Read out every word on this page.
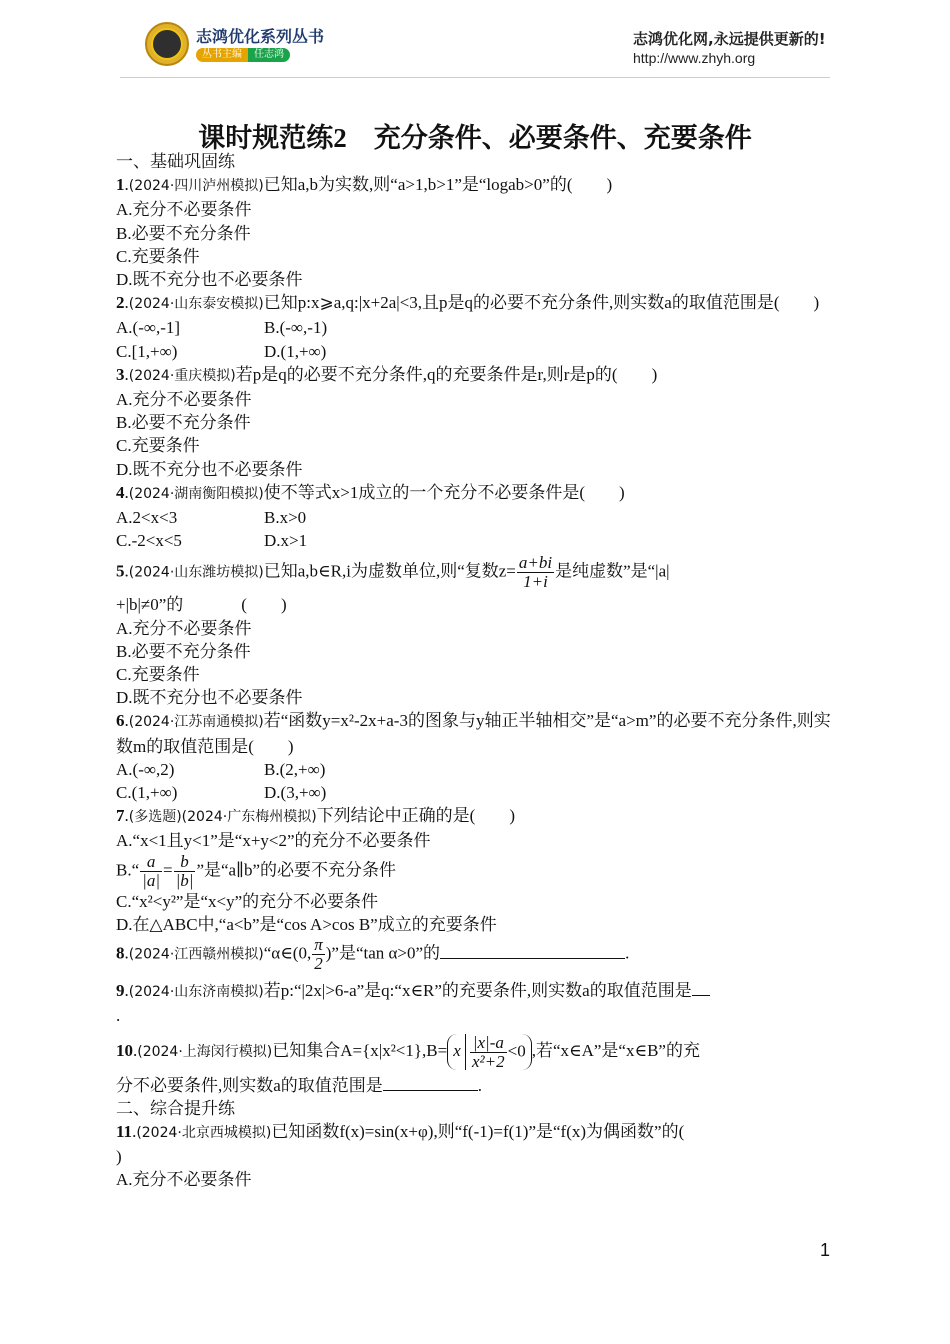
志鸿优化系列丛书
丛书主编	任志鸿
志鸿优化网,永远提供更新的!
http://www.zhyh.org
课时规范练2　充分条件、必要条件、充要条件
一、基础巩固练
1.(2024·四川泸州模拟)已知a,b为实数,则“a>1,b>1”是“logab>0”的(　　)
A.充分不必要条件
B.必要不充分条件
C.充要条件
D.既不充分也不必要条件
2.(2024·山东泰安模拟)已知p:x⩾a,q:|x+2a|<3,且p是q的必要不充分条件,则实数a的取值范围是(　　)
A.(-∞,-1]	B.(-∞,-1)
C.[1,+∞)	D.(1,+∞)
3.(2024·重庆模拟)若p是q的必要不充分条件,q的充要条件是r,则r是p的(　　)
A.充分不必要条件
B.必要不充分条件
C.充要条件
D.既不充分也不必要条件
4.(2024·湖南衡阳模拟)使不等式x>1成立的一个充分不必要条件是(　　)
A.2<x<3	B.x>0
C.-2<x<5	D.x>1
5.(2024·山东潍坊模拟)已知a,b∈R,i为虚数单位,则“复数$z= \frac{a+bi}{1+i}$ 是纯虚数”是“|a|
+|b|≠0”的	(　　)
A.充分不必要条件
B.必要不充分条件
C.充要条件
D.既不充分也不必要条件
6.(2024·江苏南通模拟)若“函数y=x²-2x+a-3的图象与y轴正半轴相交”是“a>m”的必要不充分条件,则实数m的取值范围是(　　)
A.(-∞,2)	B.(2,+∞)
C.(1,+∞)	D.(3,+∞)
7.(多选题)(2024·广东梅州模拟)下列结论中正确的是(　　)
A.“x<1且y<1”是“x+y<2”的充分不必要条件
B.“ $\frac{a}{|a|} = \frac{b}{|b|}$ ”是“a∥b”的必要不充分条件
C.“x²<y²”是“x<y”的充分不必要条件
D.在△ABC中,“a<b”是“cos A>cos B”成立的充要条件
8.(2024·江西赣州模拟)“α∈(0, $\frac{\pi}{2}$ )”是“tan α>0”的	.
9.(2024·山东济南模拟)若p:“|2x|>6-a”是q:“x∈R”的充要条件,则实数a的取值范围是
.
10.(2024·上海闵行模拟)已知集合A={x|x²<1},B= x $\frac{|x|-a}{\text{x²+2}} <0$ ,若“x∈A”是“x∈B”的充
分不必要条件,则实数a的取值范围是	.
二、综合提升练
11.(2024·北京西城模拟)已知函数f(x)=sin(x+φ),则“f(-1)=f(1)”是“f(x)为偶函数”的(
)
A.充分不必要条件
1
